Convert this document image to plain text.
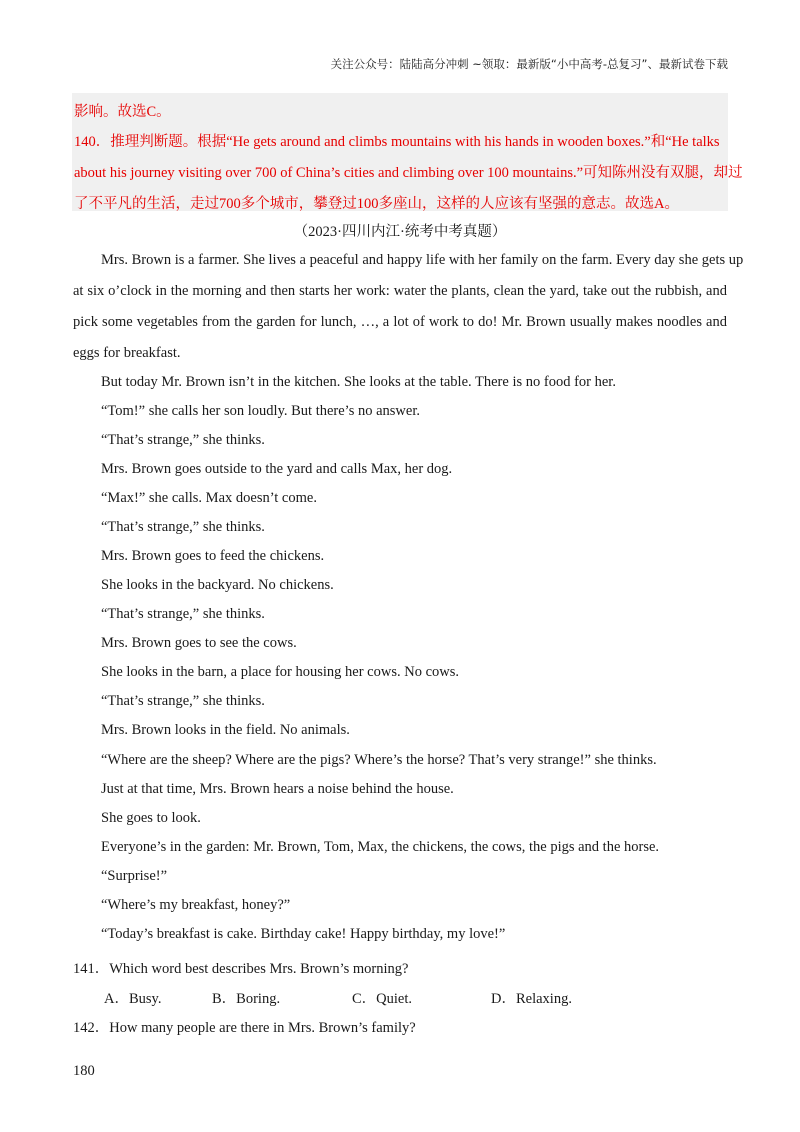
关注公众号：陆陆高分冲刺 ~领取：最新版“小中高考-总复习”、最新试卷下载
影响。故选C。
140．推理判断题。根据“He gets around and climbs mountains with his hands in wooden boxes.”和“He talks
about his journey visiting over 700 of China’s cities and climbing over 100 mountains.”可知陈州没有双腿，却过
了不平凡的生活，走过700多个城市，攀登过100多座山，这样的人应该有坚强的意志。故选A。
（2023·四川内江·统考中考真题）
Mrs. Brown is a farmer. She lives a peaceful and happy life with her family on the farm. Every day she gets up
at six o’clock in the morning and then starts her work: water the plants, clean the yard, take out the rubbish, and
pick some vegetables from the garden for lunch, …, a lot of work to do! Mr. Brown usually makes noodles and
eggs for breakfast.
But today Mr. Brown isn’t in the kitchen. She looks at the table. There is no food for her.
“Tom!” she calls her son loudly. But there’s no answer.
“That’s strange,” she thinks.
Mrs. Brown goes outside to the yard and calls Max, her dog.
“Max!” she calls. Max doesn’t come.
“That’s strange,” she thinks.
Mrs. Brown goes to feed the chickens.
She looks in the backyard. No chickens.
“That’s strange,” she thinks.
Mrs. Brown goes to see the cows.
She looks in the barn, a place for housing her cows. No cows.
“That’s strange,” she thinks.
Mrs. Brown looks in the field. No animals.
“Where are the sheep? Where are the pigs? Where’s the horse? That’s very strange!” she thinks.
Just at that time, Mrs. Brown hears a noise behind the house.
She goes to look.
Everyone’s in the garden: Mr. Brown, Tom, Max, the chickens, the cows, the pigs and the horse.
“Surprise!”
“Where’s my breakfast, honey?”
“Today’s breakfast is cake. Birthday cake! Happy birthday, my love!”
141．Which word best describes Mrs. Brown’s morning?
A．Busy.	B．Boring.	C．Quiet.	D．Relaxing.
142．How many people are there in Mrs. Brown’s family?
180
